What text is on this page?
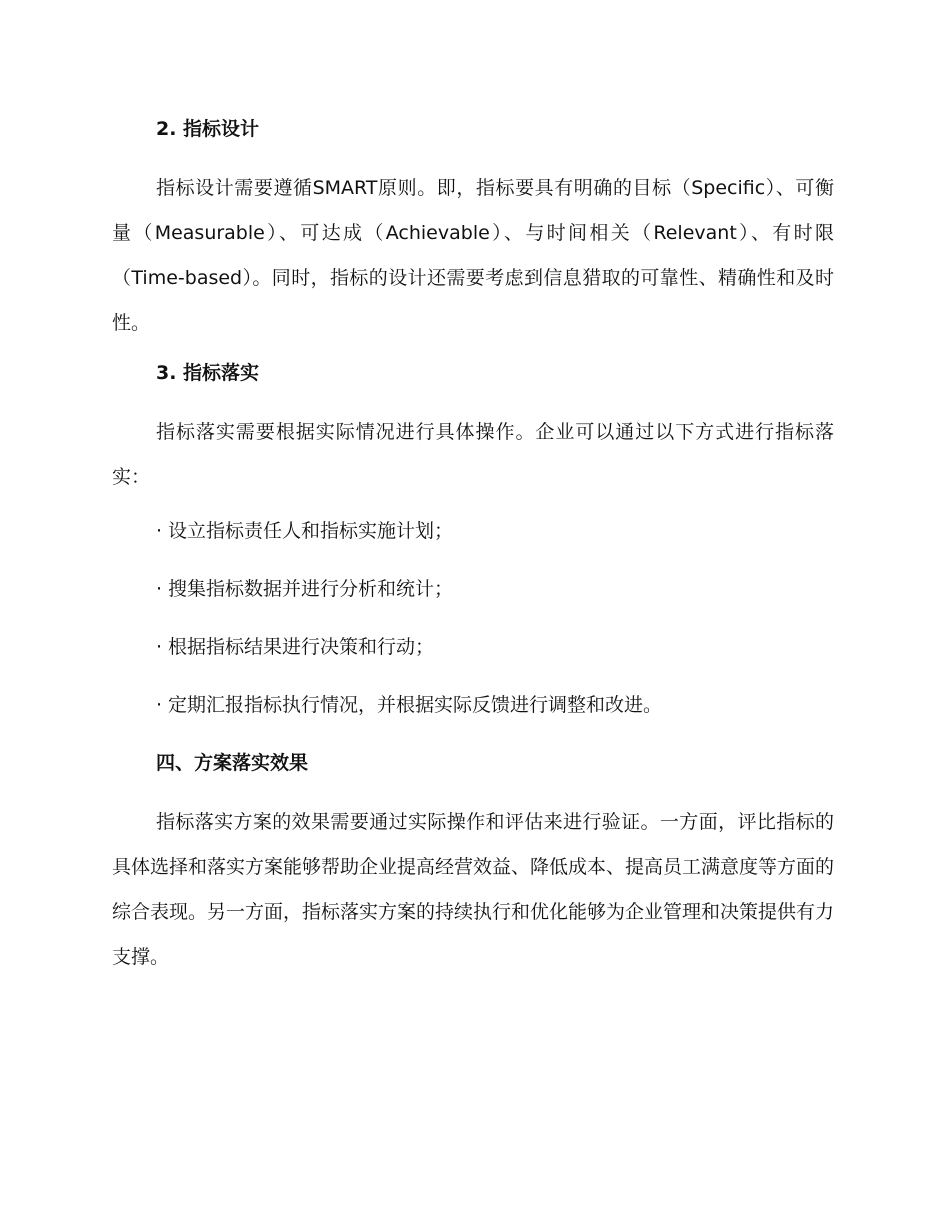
2. 指标设计

指标设计需要遵循SMART原则。即，指标要具有明确的目标（Specific）、可衡量（Measurable）、可达成（Achievable）、与时间相关（Relevant）、有时限（Time-based）。同时，指标的设计还需要考虑到信息猎取的可靠性、精确性和及时性。

3. 指标落实

指标落实需要根据实际情况进行具体操作。企业可以通过以下方式进行指标落实：

· 设立指标责任人和指标实施计划；
· 搜集指标数据并进行分析和统计；
· 根据指标结果进行决策和行动；
· 定期汇报指标执行情况，并根据实际反馈进行调整和改进。
四、方案落实效果

指标落实方案的效果需要通过实际操作和评估来进行验证。一方面，评比指标的具体选择和落实方案能够帮助企业提高经营效益、降低成本、提高员工满意度等方面的综合表现。另一方面，指标落实方案的持续执行和优化能够为企业管理和决策提供有力支撑。
